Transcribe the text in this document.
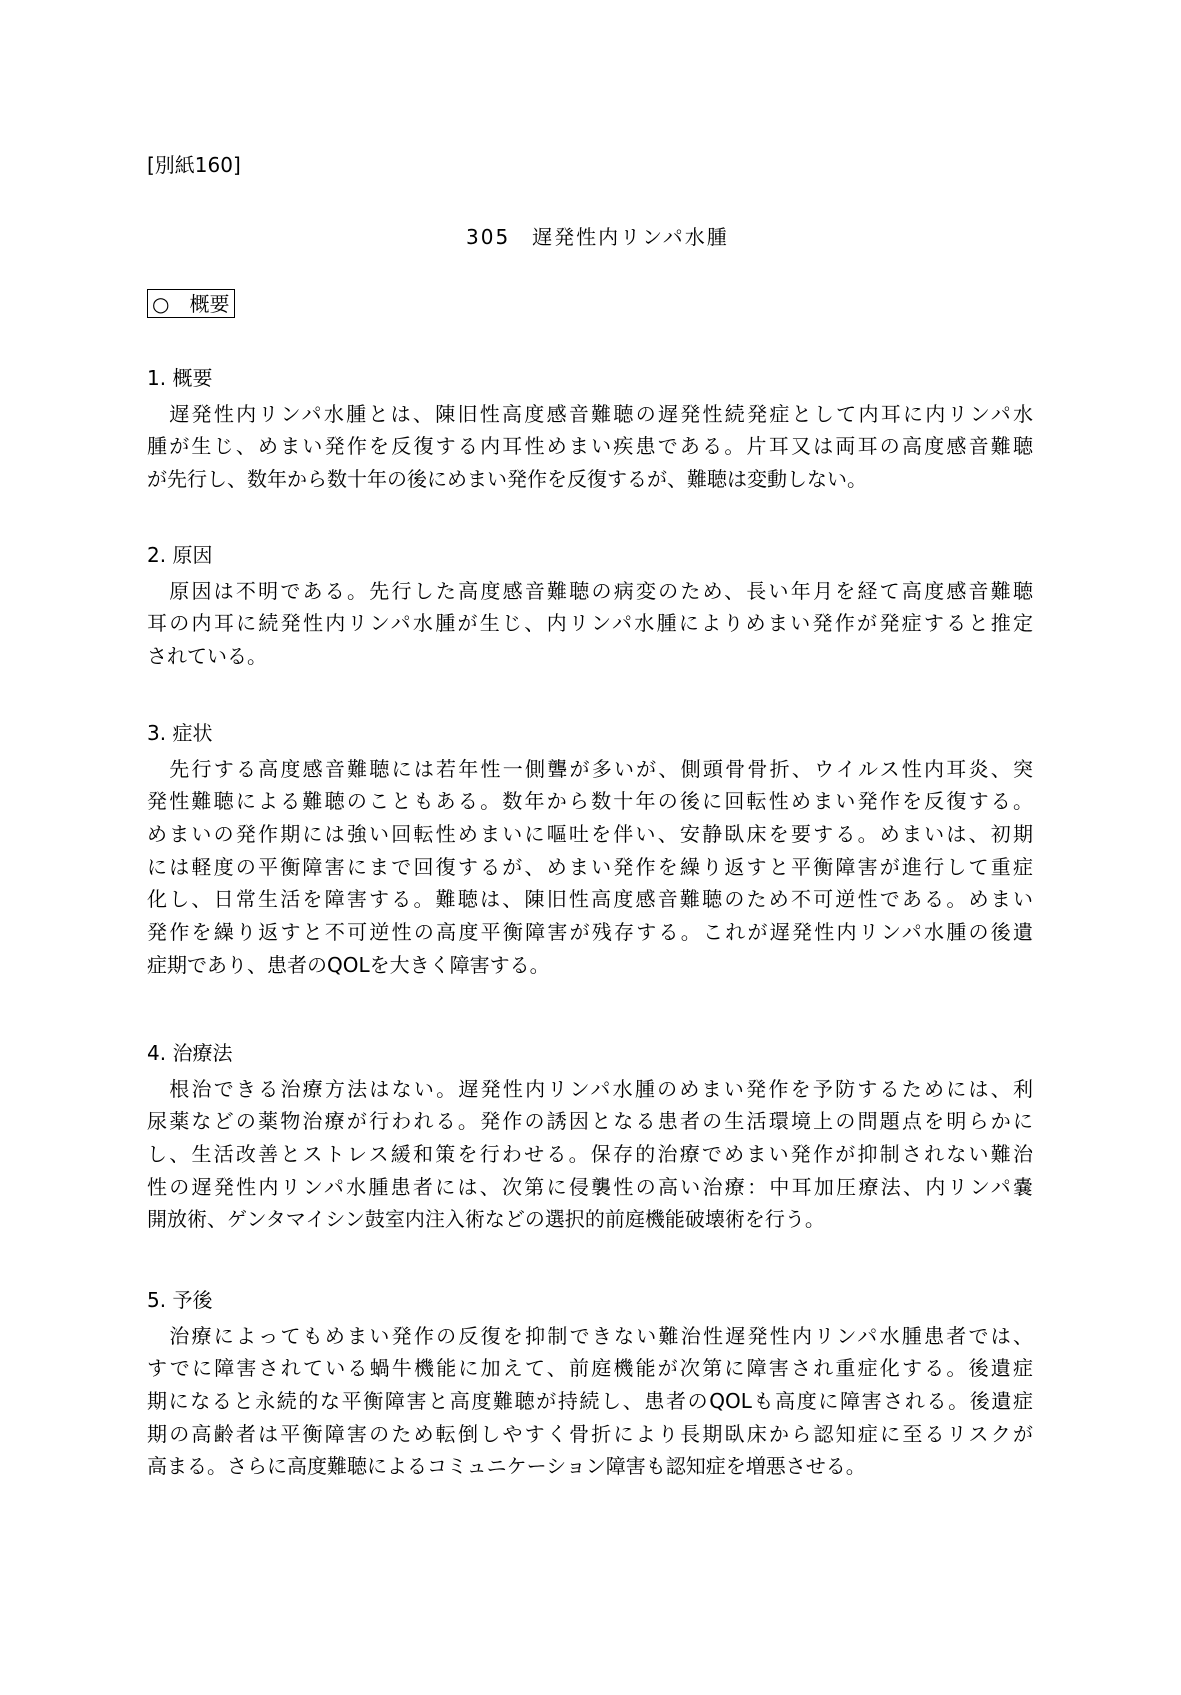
[別紙160]
305　遅発性内リンパ水腫
○　概要
1. 概要
　遅発性内リンパ水腫とは、陳旧性高度感音難聴の遅発性続発症として内耳に内リンパ水
腫が生じ、めまい発作を反復する内耳性めまい疾患である。片耳又は両耳の高度感音難聴
が先行し、数年から数十年の後にめまい発作を反復するが、難聴は変動しない。
2. 原因
　原因は不明である。先行した高度感音難聴の病変のため、長い年月を経て高度感音難聴
耳の内耳に続発性内リンパ水腫が生じ、内リンパ水腫によりめまい発作が発症すると推定
されている。
3. 症状
　先行する高度感音難聴には若年性一側聾が多いが、側頭骨骨折、ウイルス性内耳炎、突
発性難聴による難聴のこともある。数年から数十年の後に回転性めまい発作を反復する。
めまいの発作期には強い回転性めまいに嘔吐を伴い、安静臥床を要する。めまいは、初期
には軽度の平衡障害にまで回復するが、めまい発作を繰り返すと平衡障害が進行して重症
化し、日常生活を障害する。難聴は、陳旧性高度感音難聴のため不可逆性である。めまい
発作を繰り返すと不可逆性の高度平衡障害が残存する。これが遅発性内リンパ水腫の後遺
症期であり、患者のQOLを大きく障害する。
4. 治療法
　根治できる治療方法はない。遅発性内リンパ水腫のめまい発作を予防するためには、利
尿薬などの薬物治療が行われる。発作の誘因となる患者の生活環境上の問題点を明らかに
し、生活改善とストレス緩和策を行わせる。保存的治療でめまい発作が抑制されない難治
性の遅発性内リンパ水腫患者には、次第に侵襲性の高い治療：中耳加圧療法、内リンパ嚢
開放術、ゲンタマイシン鼓室内注入術などの選択的前庭機能破壊術を行う。
5. 予後
　治療によってもめまい発作の反復を抑制できない難治性遅発性内リンパ水腫患者では、
すでに障害されている蝸牛機能に加えて、前庭機能が次第に障害され重症化する。後遺症
期になると永続的な平衡障害と高度難聴が持続し、患者のQOLも高度に障害される。後遺症
期の高齢者は平衡障害のため転倒しやすく骨折により長期臥床から認知症に至るリスクが
高まる。さらに高度難聴によるコミュニケーション障害も認知症を増悪させる。
